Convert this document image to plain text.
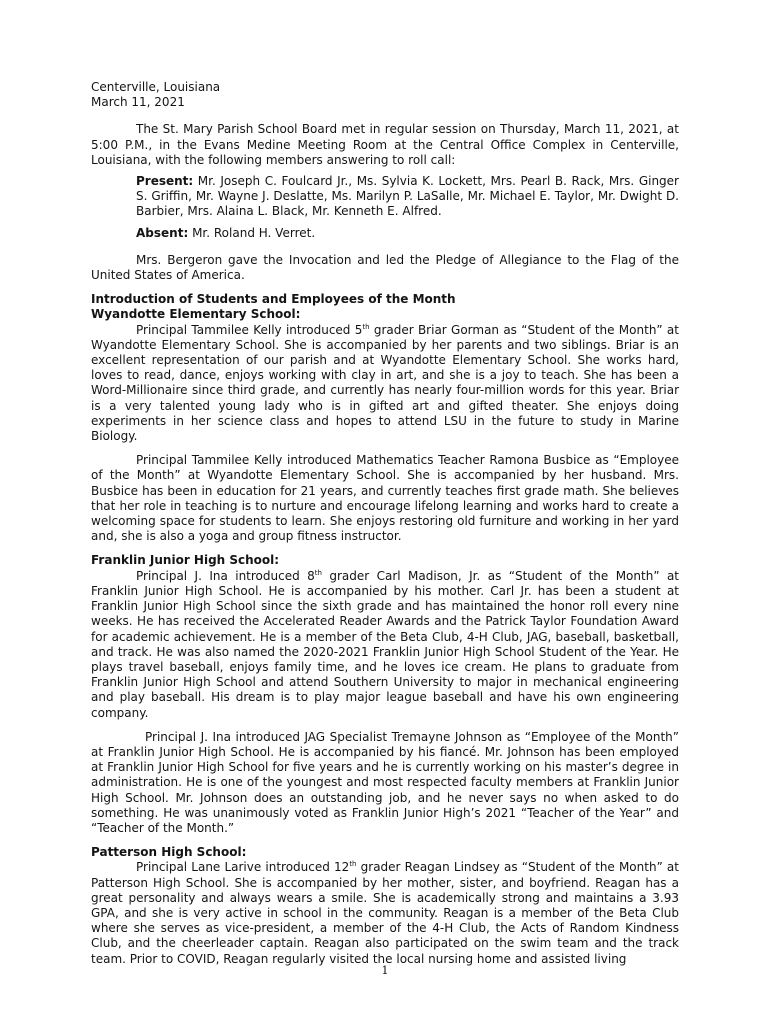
Centerville, Louisiana

March 11, 2021

The St. Mary Parish School Board met in regular session on Thursday, March 11, 2021, at 5:00 P.M., in the Evans Medine Meeting Room at the Central Office Complex in Centerville, Louisiana, with the following members answering to roll call:

Present: Mr. Joseph C. Foulcard Jr., Ms. Sylvia K. Lockett, Mrs. Pearl B. Rack, Mrs. Ginger S. Griffin, Mr. Wayne J. Deslatte, Ms. Marilyn P. LaSalle, Mr. Michael E. Taylor, Mr. Dwight D. Barbier, Mrs. Alaina L. Black, Mr. Kenneth E. Alfred.

Absent: Mr. Roland H. Verret.

Mrs. Bergeron gave the Invocation and led the Pledge of Allegiance to the Flag of the United States of America.

Introduction of Students and Employees of the Month

Wyandotte Elementary School:

Principal Tammilee Kelly introduced 5th grader Briar Gorman as “Student of the Month” at Wyandotte Elementary School. She is accompanied by her parents and two siblings. Briar is an excellent representation of our parish and at Wyandotte Elementary School. She works hard, loves to read, dance, enjoys working with clay in art, and she is a joy to teach. She has been a Word-Millionaire since third grade, and currently has nearly four-million words for this year. Briar is a very talented young lady who is in gifted art and gifted theater. She enjoys doing experiments in her science class and hopes to attend LSU in the future to study in Marine Biology.

Principal Tammilee Kelly introduced Mathematics Teacher Ramona Busbice as “Employee of the Month” at Wyandotte Elementary School. She is accompanied by her husband. Mrs. Busbice has been in education for 21 years, and currently teaches first grade math. She believes that her role in teaching is to nurture and encourage lifelong learning and works hard to create a welcoming space for students to learn. She enjoys restoring old furniture and working in her yard and, she is also a yoga and group fitness instructor.

Franklin Junior High School:

Principal J. Ina introduced 8th grader Carl Madison, Jr. as “Student of the Month” at Franklin Junior High School. He is accompanied by his mother. Carl Jr. has been a student at Franklin Junior High School since the sixth grade and has maintained the honor roll every nine weeks. He has received the Accelerated Reader Awards and the Patrick Taylor Foundation Award for academic achievement. He is a member of the Beta Club, 4-H Club, JAG, baseball, basketball, and track. He was also named the 2020-2021 Franklin Junior High School Student of the Year. He plays travel baseball, enjoys family time, and he loves ice cream. He plans to graduate from Franklin Junior High School and attend Southern University to major in mechanical engineering and play baseball. His dream is to play major league baseball and have his own engineering company.

Principal J. Ina introduced JAG Specialist Tremayne Johnson as “Employee of the Month” at Franklin Junior High School. He is accompanied by his fiancé. Mr. Johnson has been employed at Franklin Junior High School for five years and he is currently working on his master’s degree in administration. He is one of the youngest and most respected faculty members at Franklin Junior High School. Mr. Johnson does an outstanding job, and he never says no when asked to do something. He was unanimously voted as Franklin Junior High’s 2021 “Teacher of the Year” and “Teacher of the Month.”

Patterson High School:

Principal Lane Larive introduced 12th grader Reagan Lindsey as “Student of the Month” at Patterson High School. She is accompanied by her mother, sister, and boyfriend. Reagan has a great personality and always wears a smile. She is academically strong and maintains a 3.93 GPA, and she is very active in school in the community. Reagan is a member of the Beta Club where she serves as vice-president, a member of the 4-H Club, the Acts of Random Kindness Club, and the cheerleader captain. Reagan also participated on the swim team and the track team. Prior to COVID, Reagan regularly visited the local nursing home and assisted living

1
